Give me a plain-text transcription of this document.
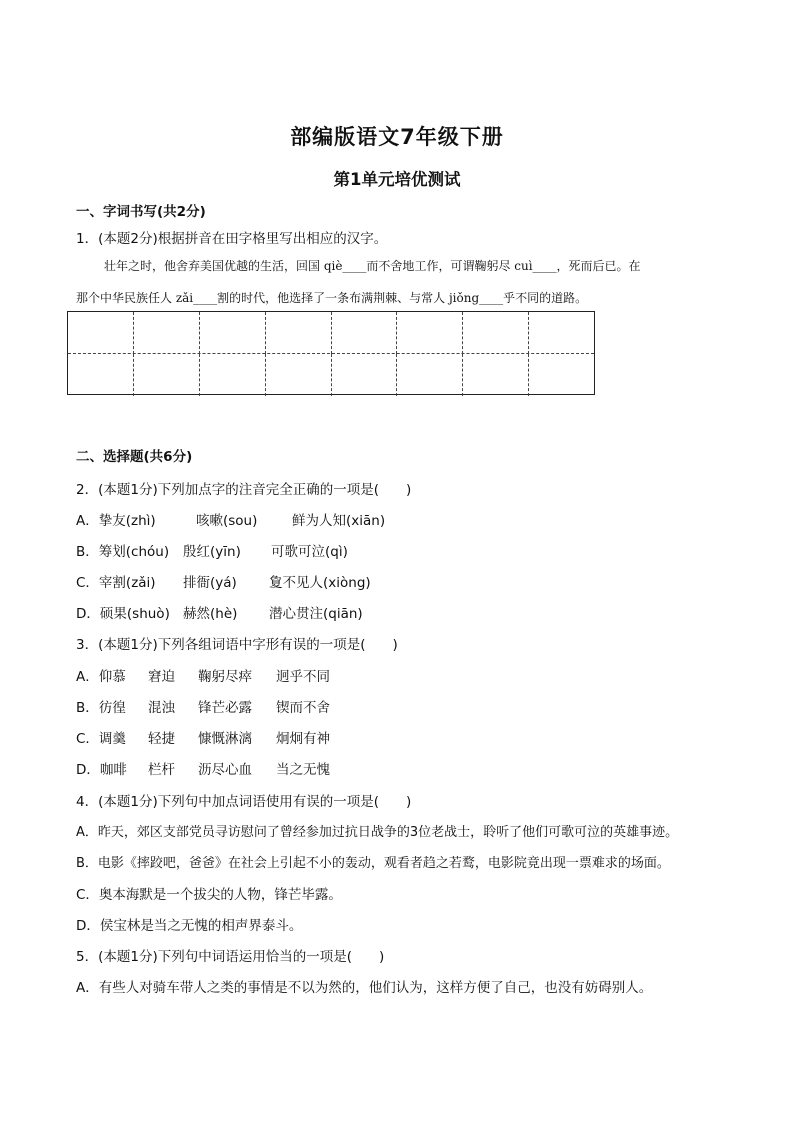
部编版语文7年级下册
第1单元培优测试
一、字词书写(共2分)
1．(本题2分)根据拼音在田字格里写出相应的汉字。
壮年之时，他舍弃美国优越的生活，回国 qiè____而不舍地工作，可谓鞠躬尽 cuì____，死而后已。在
那个中华民族任人 zǎi____割的时代，他选择了一条布满荆棘、与常人 jiǒng____乎不同的道路。
二、选择题(共6分)
2．(本题1分)下列加点字的注音完全正确的一项是(　　)
A．挚友(zhì)	咳嗽(sou)	鲜为人知(xiān)
B．筹划(chóu) 殷红(yīn) 可歌可泣(qì)
C．宰割(zǎi) 排衙(yá) 夐不见人(xiòng)
D．硕果(shuò) 赫然(hè) 潜心贯注(qiān)
3．(本题1分)下列各组词语中字形有误的一项是(　　)
A．仰慕 窘迫 鞠躬尽瘁 迥乎不同
B．彷徨 混浊 锋芒必露 锲而不舍
C．调羹 轻捷 慷慨淋漓 炯炯有神
D．咖啡 栏杆 沥尽心血 当之无愧
4．(本题1分)下列句中加点词语使用有误的一项是(　　)
A．昨天，郊区支部党员寻访慰问了曾经参加过抗日战争的3位老战士，聆听了他们可歌可泣的英雄事迹。
B．电影《摔跤吧，爸爸》在社会上引起不小的轰动，观看者趋之若鹜，电影院竟出现一票难求的场面。
C．奥本海默是一个拔尖的人物，锋芒毕露。
D．侯宝林是当之无愧的相声界泰斗。
5．(本题1分)下列句中词语运用恰当的一项是(　　)
A．有些人对骑车带人之类的事情是不以为然的，他们认为，这样方便了自己，也没有妨碍别人。
